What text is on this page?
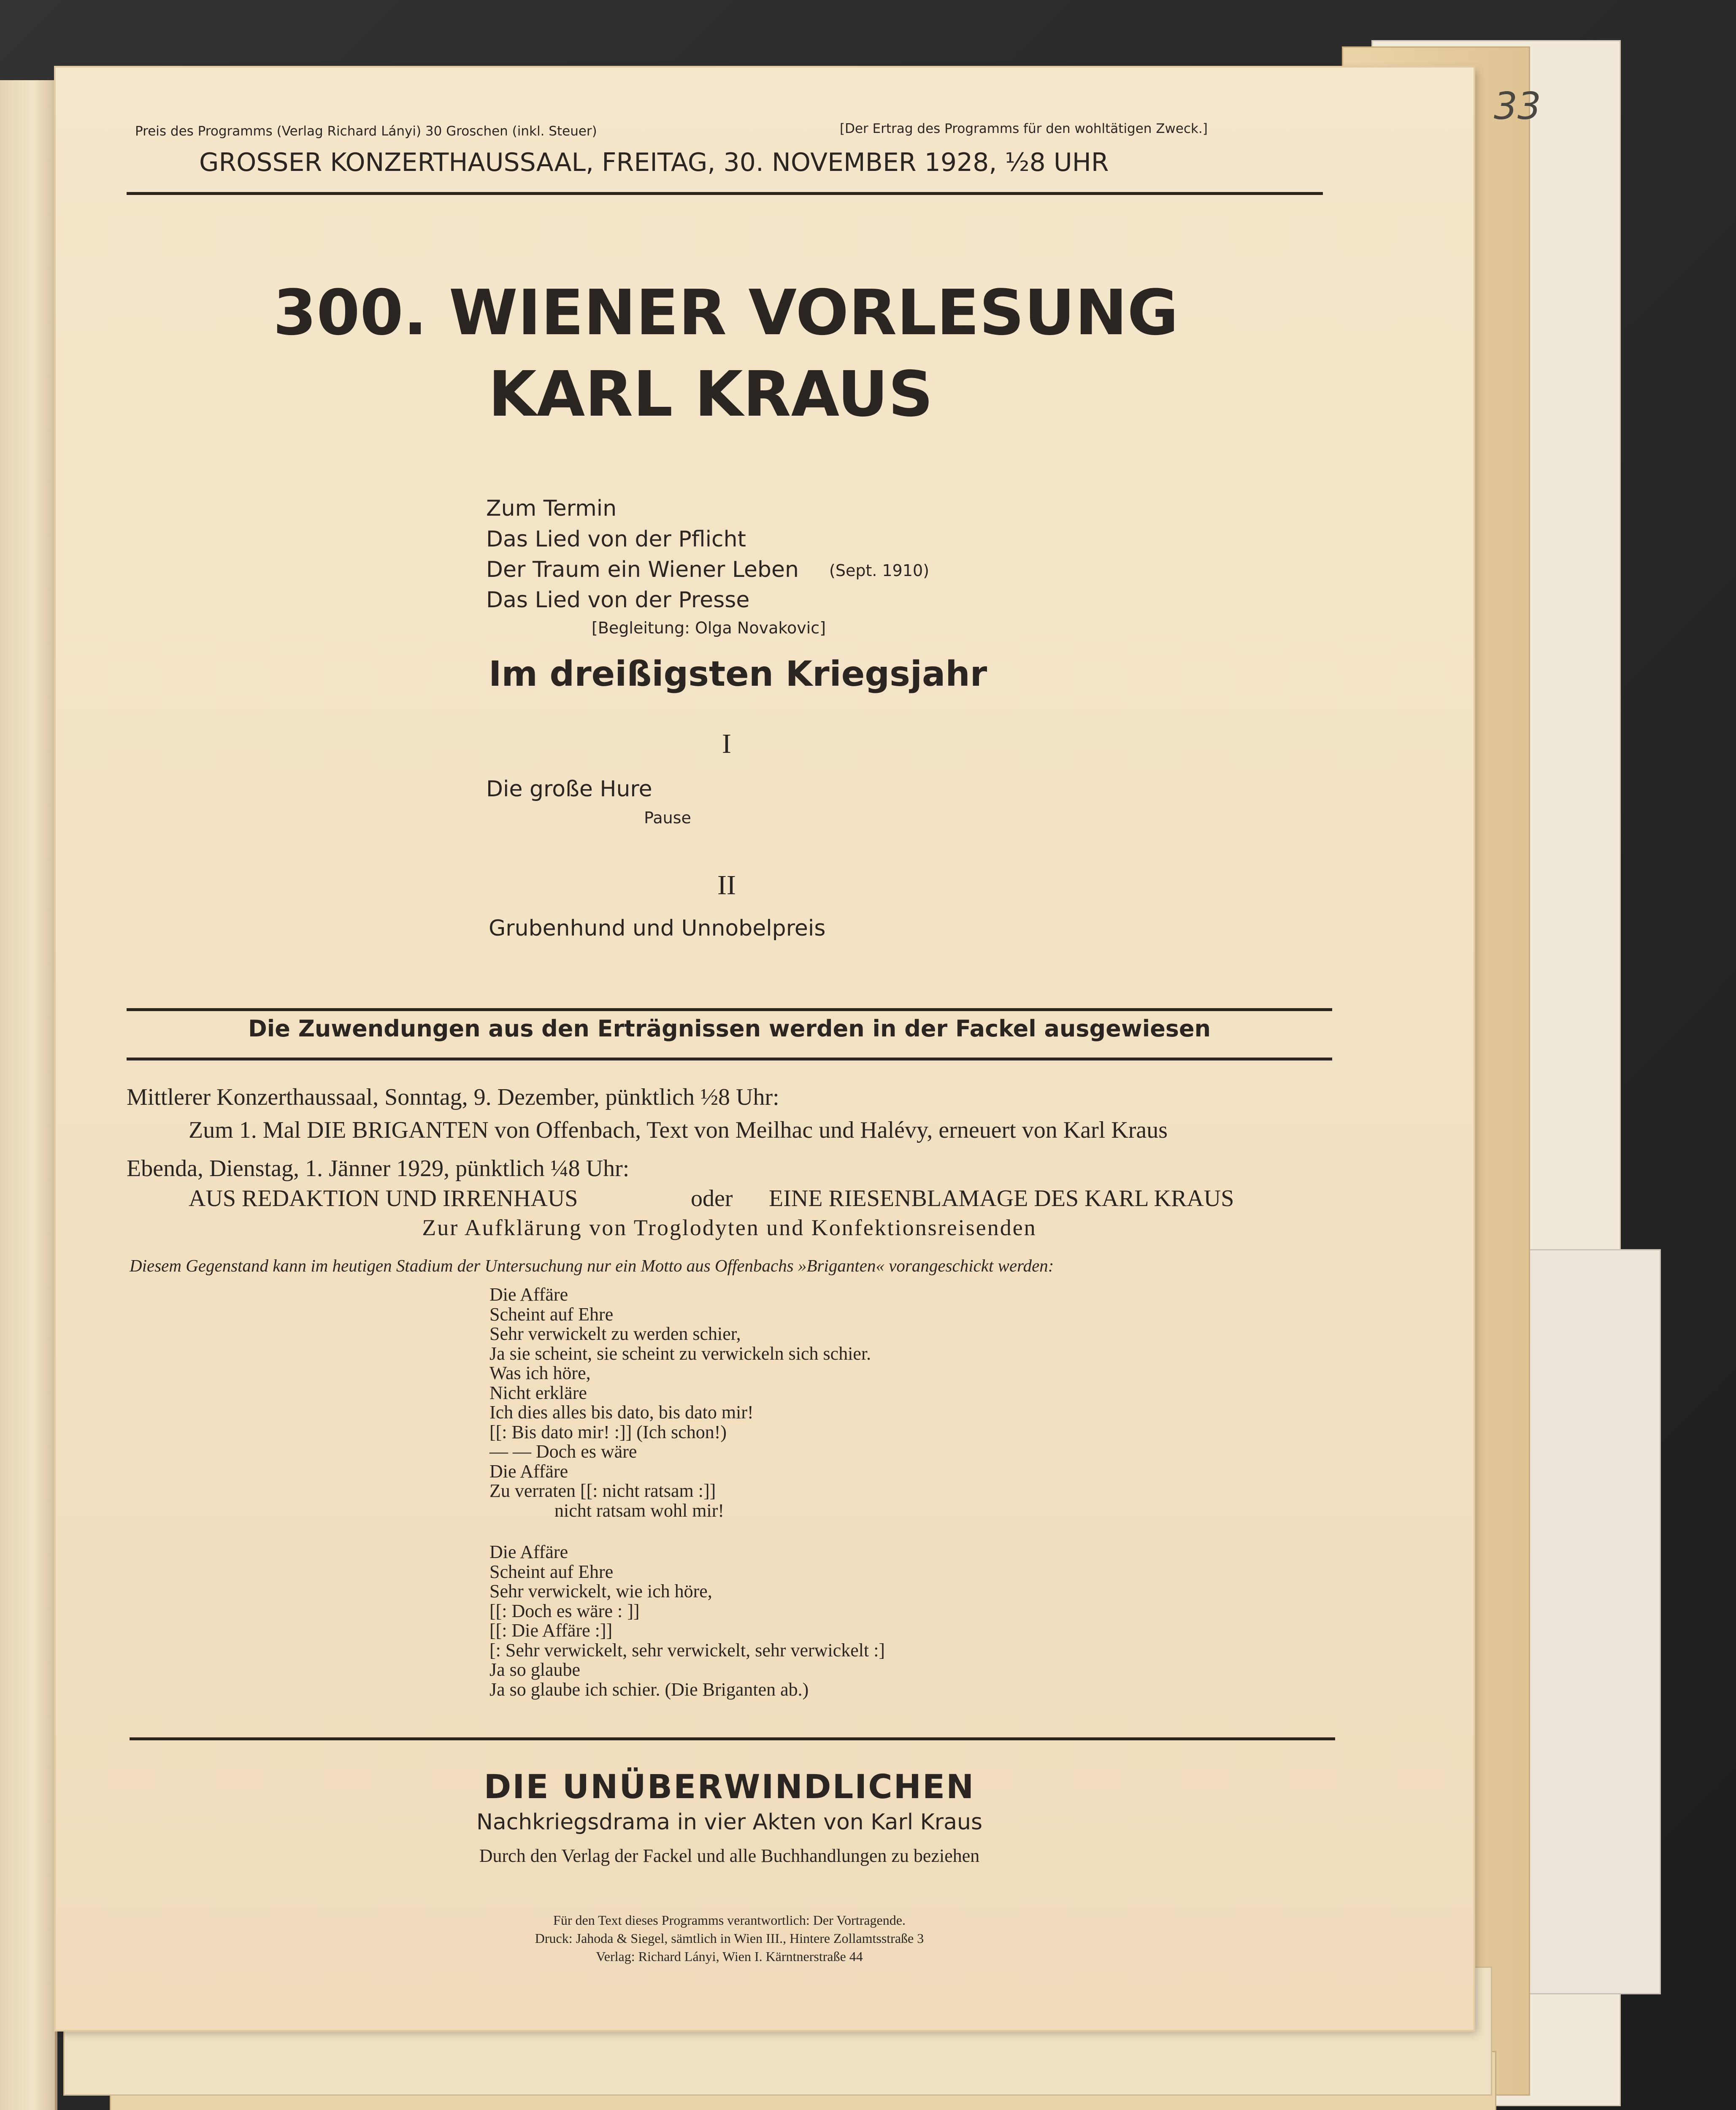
33
Preis des Programms (Verlag Richard Lányi) 30 Groschen (inkl. Steuer)	[Der Ertrag des Programms für den wohltätigen Zweck.]
GROSSER KONZERTHAUSSAAL, FREITAG, 30. NOVEMBER 1928, ½8 UHR
300. WIENER VORLESUNG
KARL KRAUS
Zum Termin
Das Lied von der Pflicht
Der Traum ein Wiener Leben (Sept. 1910)
Das Lied von der Presse
[Begleitung: Olga Novakovic]
Im dreißigsten Kriegsjahr
I
Die große Hure
Pause
II
Grubenhund und Unnobelpreis
Die Zuwendungen aus den Erträgnissen werden in der Fackel ausgewiesen
Mittlerer Konzerthaussaal, Sonntag, 9. Dezember, pünktlich ½8 Uhr:
Zum 1. Mal DIE BRIGANTEN von Offenbach, Text von Meilhac und Halévy, erneuert von Karl Kraus
Ebenda, Dienstag, 1. Jänner 1929, pünktlich ¼8 Uhr:
AUS REDAKTION UND IRRENHAUS	oder EINE RIESENBLAMAGE DES KARL KRAUS
Zur Aufklärung von Troglodyten und Konfektionsreisenden
Diesem Gegenstand kann im heutigen Stadium der Untersuchung nur ein Motto aus Offenbachs »Briganten« vorangeschickt werden:
Die Affäre
Scheint auf Ehre
Sehr verwickelt zu werden schier,
Ja sie scheint, sie scheint zu verwickeln sich schier.
Was ich höre,
Nicht erkläre
Ich dies alles bis dato, bis dato mir!
[[: Bis dato mir! :]] (Ich schon!)
— — Doch es wäre
Die Affäre
Zu verraten [[: nicht ratsam :]]
nicht ratsam wohl mir!
Die Affäre
Scheint auf Ehre
Sehr verwickelt, wie ich höre,
[[: Doch es wäre : ]]
[[: Die Affäre :]]
[: Sehr verwickelt, sehr verwickelt, sehr verwickelt :]
Ja so glaube
Ja so glaube ich schier. (Die Briganten ab.)
DIE UNÜBERWINDLICHEN
Nachkriegsdrama in vier Akten von Karl Kraus
Durch den Verlag der Fackel und alle Buchhandlungen zu beziehen
Für den Text dieses Programms verantwortlich: Der Vortragende.
Druck: Jahoda & Siegel, sämtlich in Wien III., Hintere Zollamtsstraße 3
Verlag: Richard Lányi, Wien I. Kärntnerstraße 44
